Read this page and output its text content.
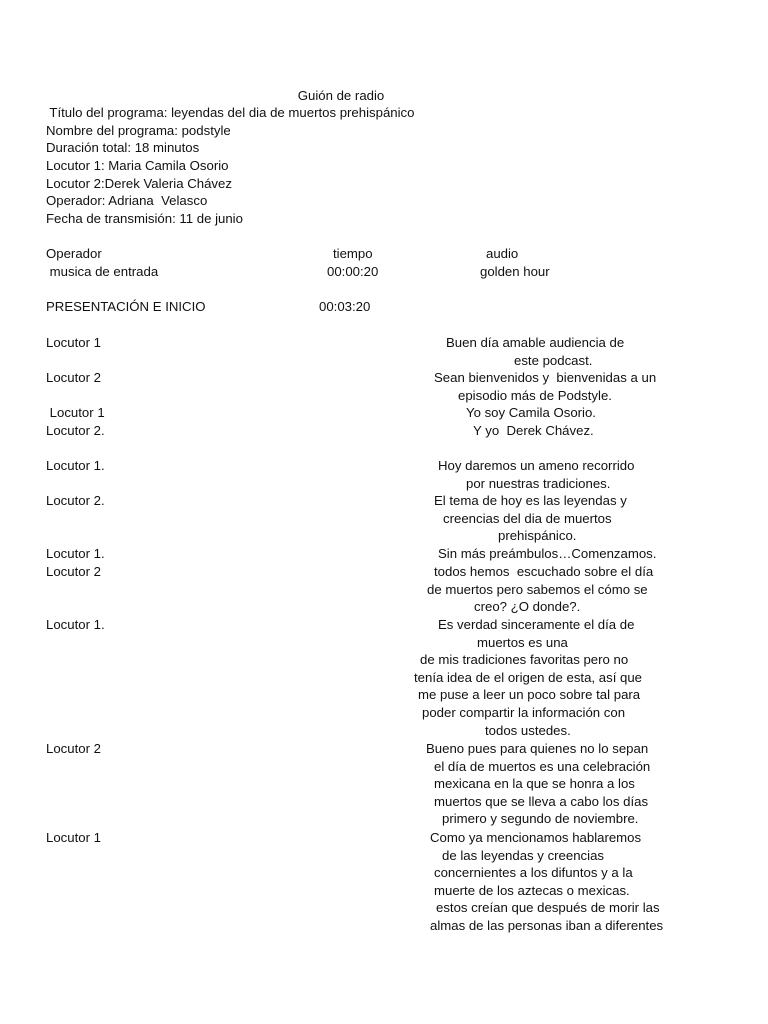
Guión de radio
Título del programa: leyendas del dia de muertos prehispánico
Nombre del programa: podstyle
Duración total: 18 minutos
Locutor 1: Maria Camila Osorio
Locutor 2:Derek Valeria Chávez
Operador: Adriana  Velasco
Fecha de transmisión: 11 de junio
Operador	tiempo	audio
musica de entrada	00:00:20	golden hour
PRESENTACIÓN E INICIO	00:03:20
Locutor 1	Buen día amable audiencia de
este podcast.
Locutor 2	Sean bienvenidos y  bienvenidas a un
episodio más de Podstyle.
Locutor 1	Yo soy Camila Osorio.
Locutor 2.	Y yo  Derek Chávez.
Locutor 1.	Hoy daremos un ameno recorrido
por nuestras tradiciones.
Locutor 2.	El tema de hoy es las leyendas y
creencias del dia de muertos
prehispánico.
Locutor 1.	Sin más preámbulos…Comenzamos.
Locutor 2	todos hemos  escuchado sobre el día
de muertos pero sabemos el cómo se
creo? ¿O donde?.
Locutor 1.	Es verdad sinceramente el día de
muertos es una
de mis tradiciones favoritas pero no
tenía idea de el origen de esta, así que
me puse a leer un poco sobre tal para
poder compartir la información con
todos ustedes.
Locutor 2	Bueno pues para quienes no lo sepan
el día de muertos es una celebración
mexicana en la que se honra a los
muertos que se lleva a cabo los días
primero y segundo de noviembre.
Locutor 1	Como ya mencionamos hablaremos
de las leyendas y creencias
concernientes a los difuntos y a la
muerte de los aztecas o mexicas.
estos creían que después de morir las
almas de las personas iban a diferentes
